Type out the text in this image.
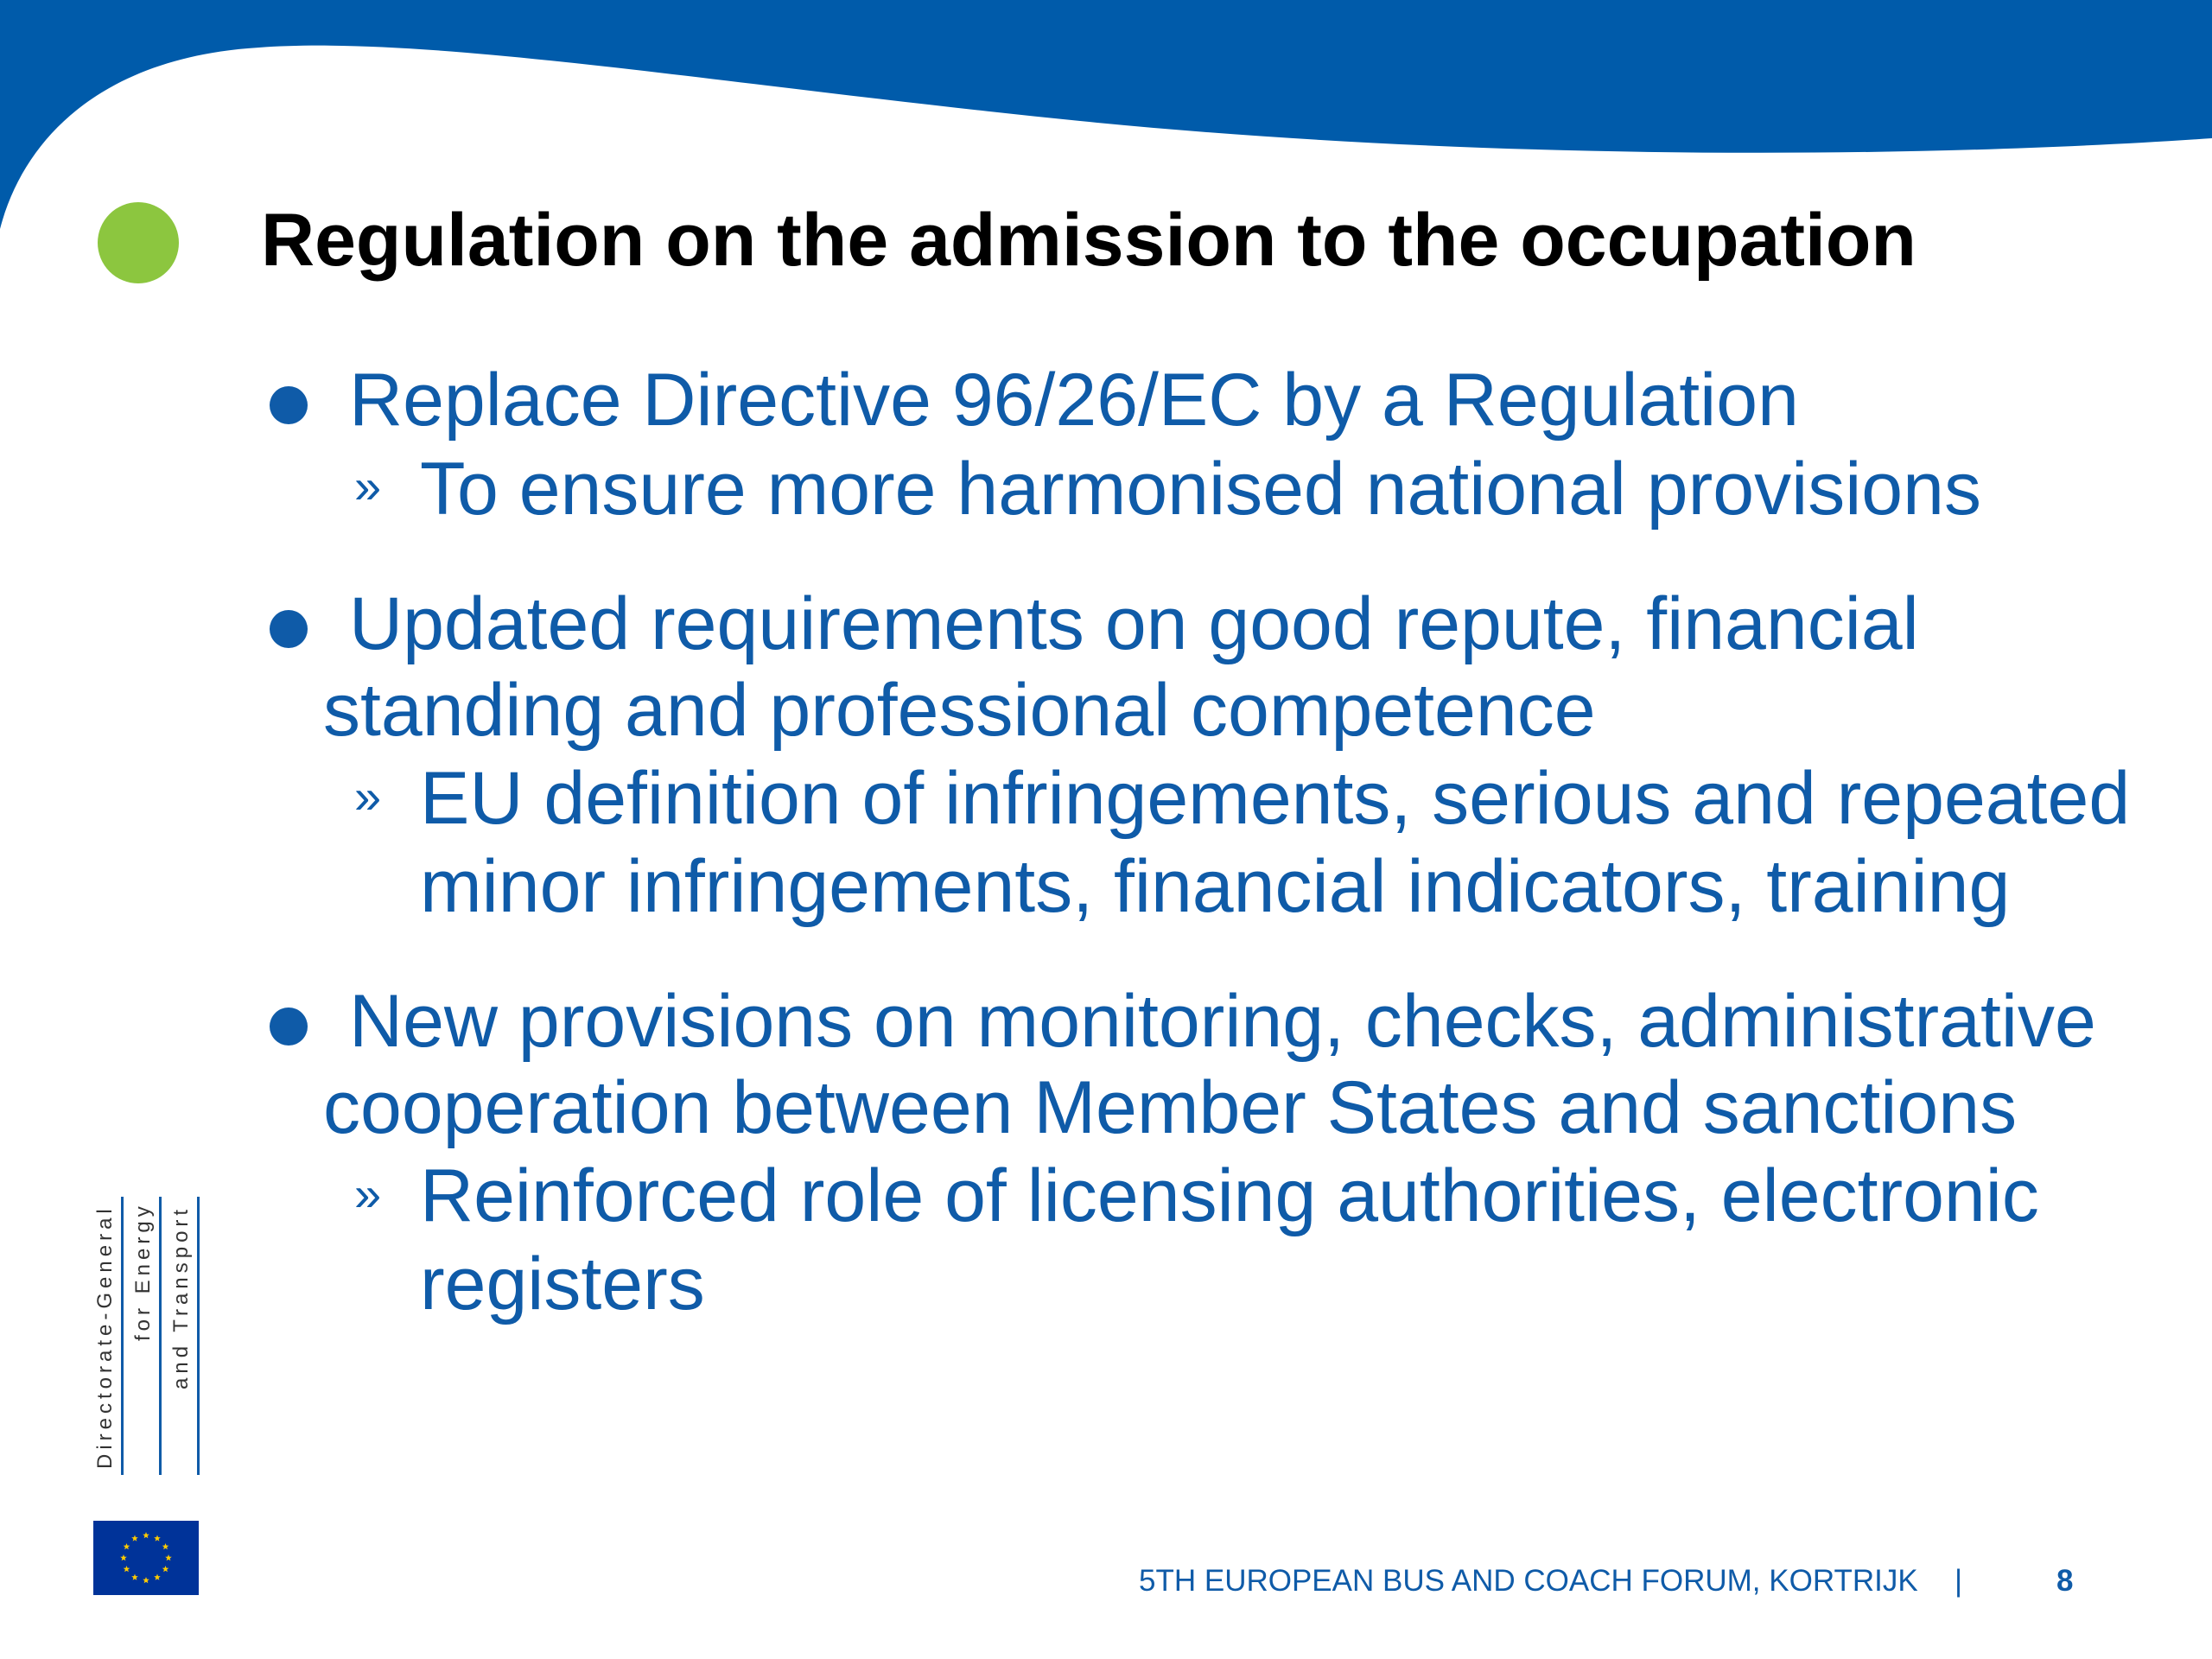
Regulation on the admission to the occupation
Replace Directive 96/26/EC by a Regulation
» To ensure more harmonised national provisions
Updated requirements on good repute, financial
standing and professional competence
» EU definition of infringements, serious and repeated
minor infringements, financial indicators, training
New provisions on monitoring, checks, administrative
cooperation between Member States and sanctions
» Reinforced role of licensing authorities, electronic
registers
Directorate-General for Energy and Transport
5TH EUROPEAN BUS AND COACH FORUM, KORTRIJK |	8
